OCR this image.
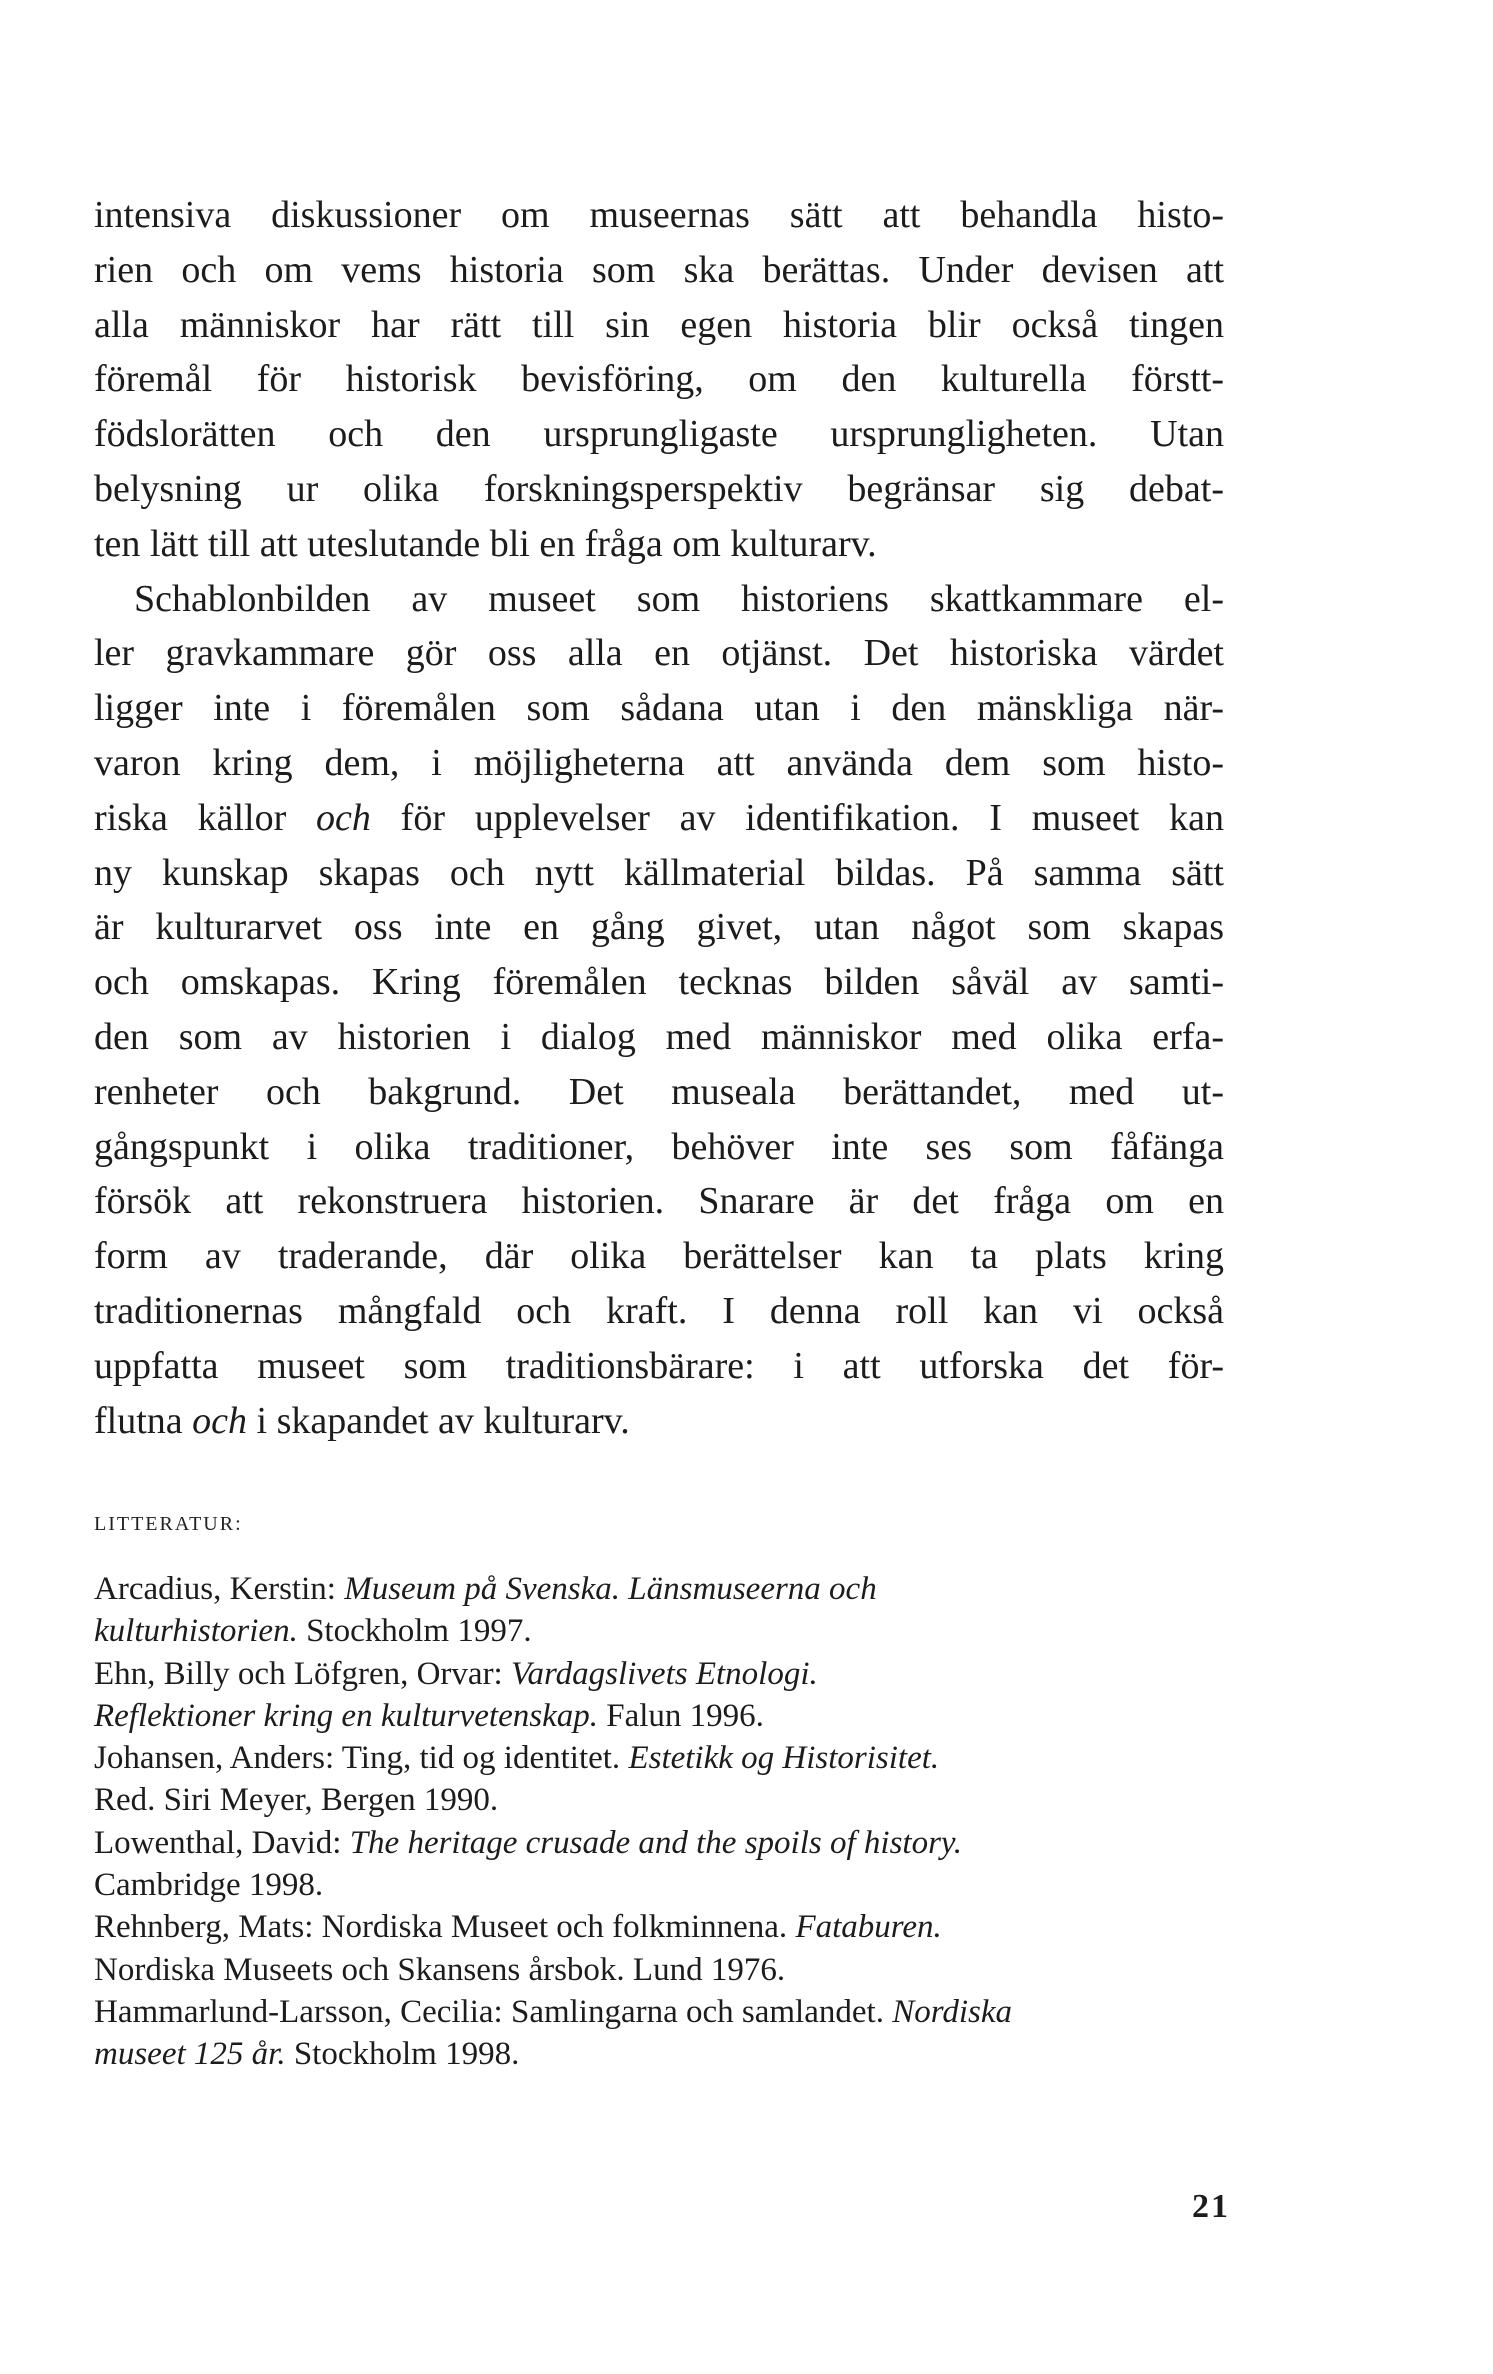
intensiva diskussioner om museernas sätt att behandla histo-
rien och om vems historia som ska berättas. Under devisen att
alla människor har rätt till sin egen historia blir också tingen
föremål för historisk bevisföring, om den kulturella förstt-
födslorätten och den ursprungligaste ursprungligheten. Utan
belysning ur olika forskningsperspektiv begränsar sig debat-
ten lätt till att uteslutande bli en fråga om kulturarv.
Schablonbilden av museet som historiens skattkammare el-
ler gravkammare gör oss alla en otjänst. Det historiska värdet
ligger inte i föremålen som sådana utan i den mänskliga när-
varon kring dem, i möjligheterna att använda dem som histo-
riska källor och för upplevelser av identifikation. I museet kan
ny kunskap skapas och nytt källmaterial bildas. På samma sätt
är kulturarvet oss inte en gång givet, utan något som skapas
och omskapas. Kring föremålen tecknas bilden såväl av samti-
den som av historien i dialog med människor med olika erfa-
renheter och bakgrund. Det museala berättandet, med ut-
gångspunkt i olika traditioner, behöver inte ses som fåfänga
försök att rekonstruera historien. Snarare är det fråga om en
form av traderande, där olika berättelser kan ta plats kring
traditionernas mångfald och kraft. I denna roll kan vi också
uppfatta museet som traditionsbärare: i att utforska det för-
flutna och i skapandet av kulturarv.
LITTERATUR:
Arcadius, Kerstin: Museum på Svenska. Länsmuseerna och
kulturhistorien. Stockholm 1997.
Ehn, Billy och Löfgren, Orvar: Vardagslivets Etnologi.
Reflektioner kring en kulturvetenskap. Falun 1996.
Johansen, Anders: Ting, tid og identitet. Estetikk og Historisitet.
Red. Siri Meyer, Bergen 1990.
Lowenthal, David: The heritage crusade and the spoils of history.
Cambridge 1998.
Rehnberg, Mats: Nordiska Museet och folkminnena. Fataburen.
Nordiska Museets och Skansens årsbok. Lund 1976.
Hammarlund-Larsson, Cecilia: Samlingarna och samlandet. Nordiska
museet 125 år. Stockholm 1998.
21
